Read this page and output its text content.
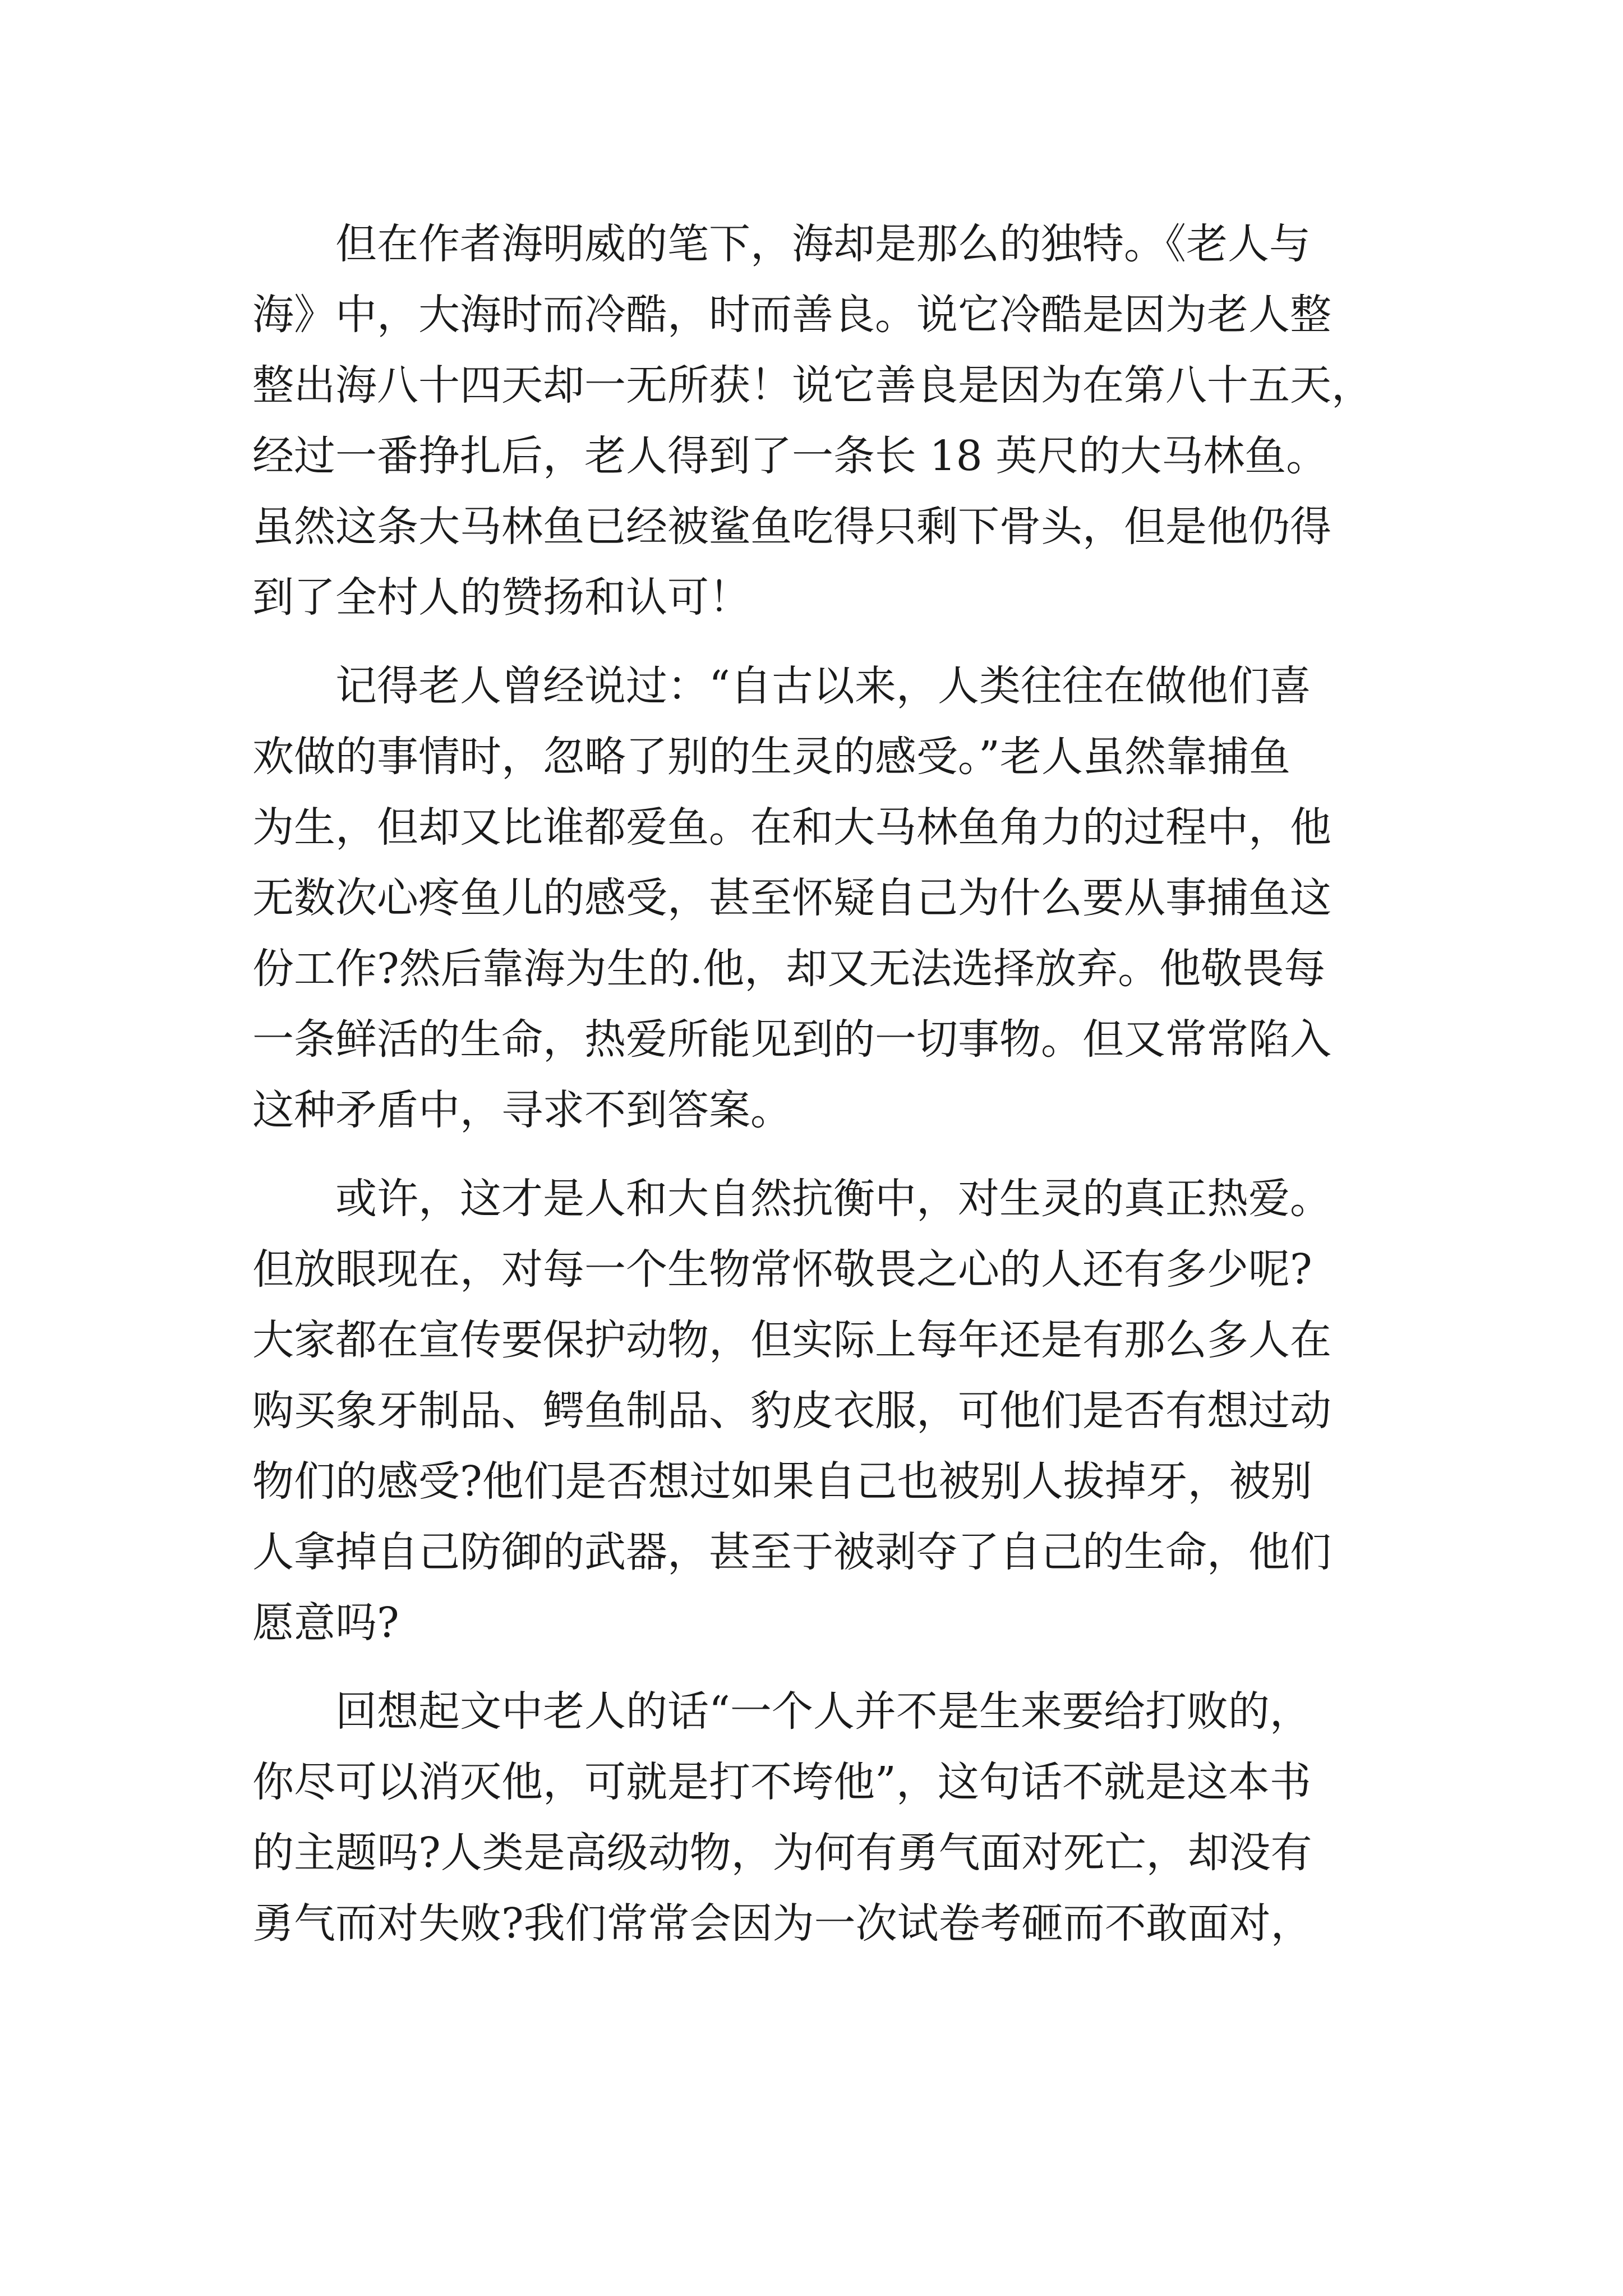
但在作者海明威的笔下，海却是那么的独特。《老人与
海》中，大海时而冷酷，时而善良。说它冷酷是因为老人整
整出海八十四天却一无所获！说它善良是因为在第八十五天，
经过一番挣扎后，老人得到了一条长 18 英尺的大马林鱼。
虽然这条大马林鱼已经被鲨鱼吃得只剩下骨头，但是他仍得
到了全村人的赞扬和认可！
记得老人曾经说过：“自古以来，人类往往在做他们喜
欢做的事情时，忽略了别的生灵的感受。”老人虽然靠捕鱼
为生，但却又比谁都爱鱼。在和大马林鱼角力的过程中，他
无数次心疼鱼儿的感受，甚至怀疑自己为什么要从事捕鱼这
份工作?然后靠海为生的.他，却又无法选择放弃。他敬畏每
一条鲜活的生命，热爱所能见到的一切事物。但又常常陷入
这种矛盾中，寻求不到答案。
或许，这才是人和大自然抗衡中，对生灵的真正热爱。
但放眼现在，对每一个生物常怀敬畏之心的人还有多少呢?
大家都在宣传要保护动物，但实际上每年还是有那么多人在
购买象牙制品、鳄鱼制品、豹皮衣服，可他们是否有想过动
物们的感受?他们是否想过如果自己也被别人拔掉牙，被别
人拿掉自己防御的武器，甚至于被剥夺了自己的生命，他们
愿意吗?
回想起文中老人的话“一个人并不是生来要给打败的，
你尽可以消灭他，可就是打不垮他”，这句话不就是这本书
的主题吗?人类是高级动物，为何有勇气面对死亡，却没有
勇气而对失败?我们常常会因为一次试卷考砸而不敢面对，
